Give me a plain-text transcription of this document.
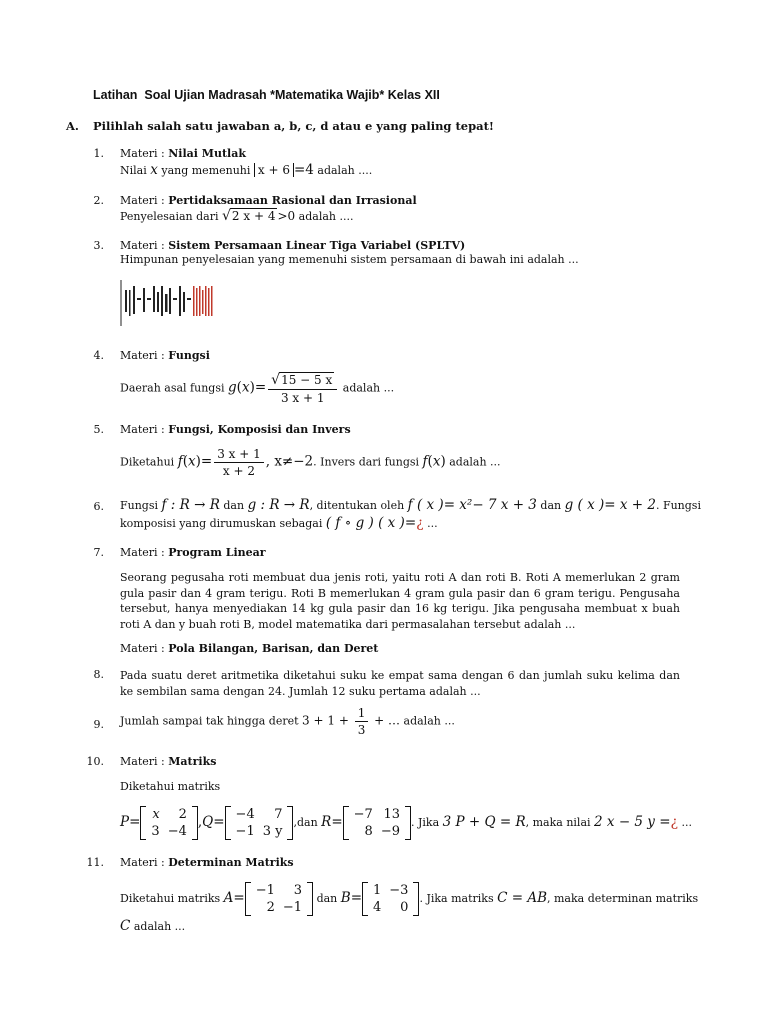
Latihan  Soal Ujian Madrasah *Matematika Wajib* Kelas XII
A. Pilihlah salah satu jawaban a, b, c, d atau e yang paling tepat!
1. Materi : Nilai Mutlak
Nilai x yang memenuhi x + 6 =4 adalah ....
2. Materi : Pertidaksamaan Rasional dan Irrasional
Penyelesaian dari √2 x + 4 >0 adalah ....
3. Materi : Sistem Persamaan Linear Tiga Variabel (SPLTV)
Himpunan penyelesaian yang memenuhi sistem persamaan di bawah ini adalah ...
4. Materi : Fungsi
Daerah asal fungsi $g(x)= \frac{√15 - 5 x}{3 x + 1}$ adalah ...
5. Materi : Fungsi, Komposisi dan Invers
Diketahui $f(x)= \frac{3 x + 1}{x + 2}$ , x≠−2. Invers dari fungsi f(x) adalah ...
6. Fungsi f : R → R dan g : R → R, ditentukan oleh f ( x )= x²− 7 x + 3 dan g ( x )= x + 2. Fungsi
komposisi yang dirumuskan sebagai ( f ∘ g ) ( x )=¿ ...
7. Materi : Program Linear
Seorang pegusaha roti membuat dua jenis roti, yaitu roti A dan roti B. Roti A memerlukan 2 gram gula pasir dan 4 gram terigu. Roti B memerlukan 4 gram gula pasir dan 6 gram terigu. Pengusaha tersebut, hanya menyediakan 14 kg gula pasir dan 16 kg terigu. Jika pengusaha membuat x buah roti A dan y buah roti B, model matematika dari permasalahan tersebut adalah ...
Materi : Pola Bilangan, Barisan, dan Deret
8. Pada suatu deret aritmetika diketahui suku ke empat sama dengan 6 dan jumlah suku kelima dan ke sembilan sama dengan 24. Jumlah 12 suku pertama adalah ...
9. Jumlah sampai tak hingga deret $3 + 1 + \frac{1}{3}$ + … adalah ...
10. Materi : Matriks
Diketahui matriks
P= x	2
3	−4
,Q= −4	7
−1	3 y
,dan R= −7	13
8	−9
. Jika 3 P + Q = R, maka nilai 2 x − 5 y =¿ ...
11. Materi : Determinan Matriks
Diketahui matriks A= −1	3
2	−1
dan B= 1	−3
4	0
. Jika matriks C = AB, maka determinan matriks
C adalah ...
